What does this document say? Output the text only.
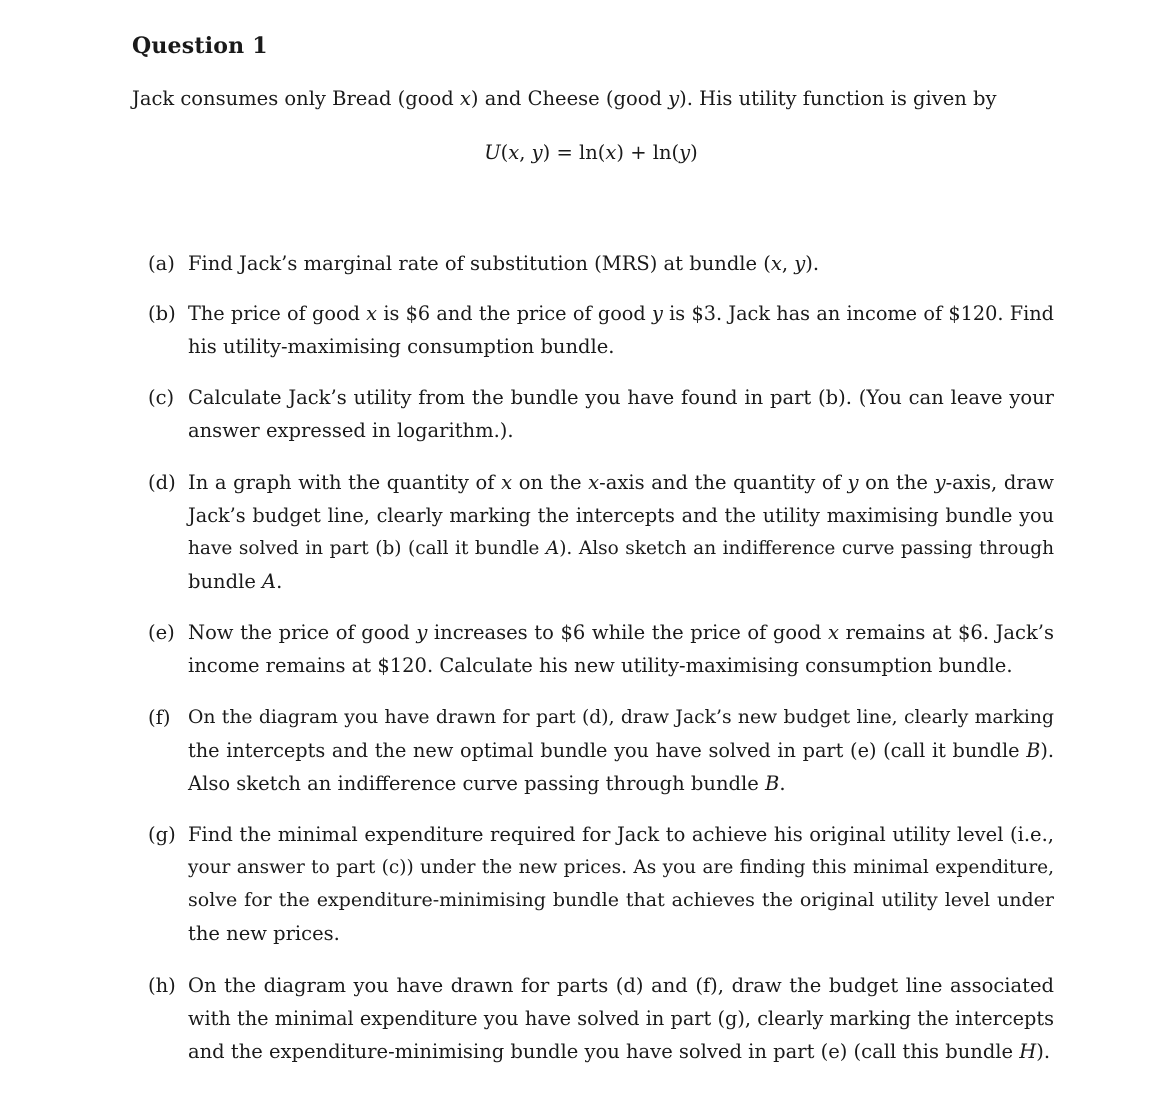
Question 1

Jack consumes only Bread (good 𝑥) and Cheese (good 𝑦). His utility function is given by

𝑈(𝑥, 𝑦) = ln(𝑥) + ln(𝑦)

(a) Find Jack’s marginal rate of substitution (MRS) at bundle (𝑥, 𝑦).
(b) The price of good 𝑥 is $6 and the price of good 𝑦 is $3. Jack has an income of $120. Find
his utility-maximising consumption bundle.
(c) Calculate Jack’s utility from the bundle you have found in part (b). (You can leave your
answer expressed in logarithm.).
(d) In a graph with the quantity of 𝑥 on the 𝑥-axis and the quantity of 𝑦 on the 𝑦-axis, draw
Jack’s budget line, clearly marking the intercepts and the utility maximising bundle you
have solved in part (b) (call it bundle 𝐴). Also sketch an indifference curve passing through
bundle 𝐴.
(e) Now the price of good 𝑦 increases to $6 while the price of good 𝑥 remains at $6. Jack’s
income remains at $120. Calculate his new utility-maximising consumption bundle.
(f) On the diagram you have drawn for part (d), draw Jack’s new budget line, clearly marking
the intercepts and the new optimal bundle you have solved in part (e) (call it bundle 𝐵).
Also sketch an indifference curve passing through bundle 𝐵.
(g) Find the minimal expenditure required for Jack to achieve his original utility level (i.e.,
your answer to part (c)) under the new prices. As you are finding this minimal expenditure,
solve for the expenditure-minimising bundle that achieves the original utility level under
the new prices.
(h) On the diagram you have drawn for parts (d) and (f), draw the budget line associated
with the minimal expenditure you have solved in part (g), clearly marking the intercepts
and the expenditure-minimising bundle you have solved in part (e) (call this bundle 𝐻).
